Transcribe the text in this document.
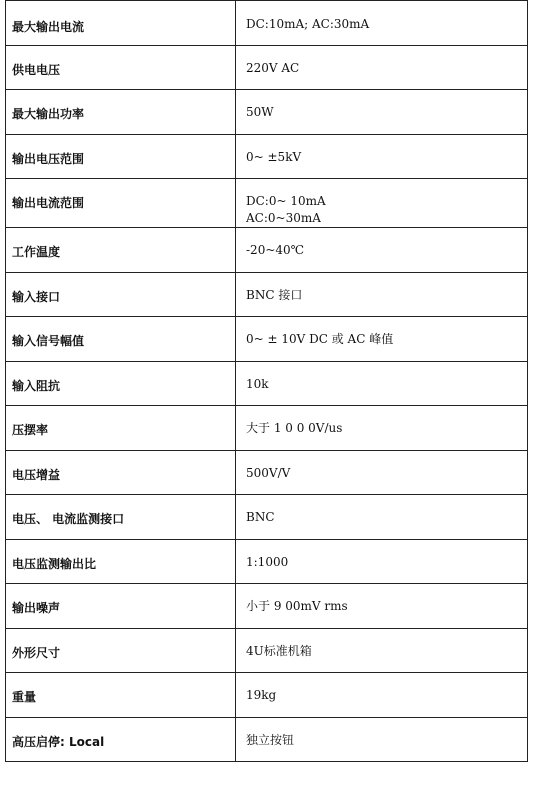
最大输出电流	DC:10mA; AC:30mA
供电电压	220V AC
最大输出功率	50W
输出电压范围	0~ ±5kV
输出电流范围	DC:0~ 10mA
AC:0~30mA
工作温度	-20~40℃
输入接口	BNC 接口
输入信号幅值	0~ ± 10V DC 或 AC 峰值
输入阻抗	10k
压摆率	大于 1 0 0 0V/us
电压增益	500V/V
电压、 电流监测接口	BNC
电压监测输出比	1:1000
输出噪声	小于 9 00mV rms
外形尺寸	4U标准机箱
重量	19kg
高压启停: Local	独立按钮
